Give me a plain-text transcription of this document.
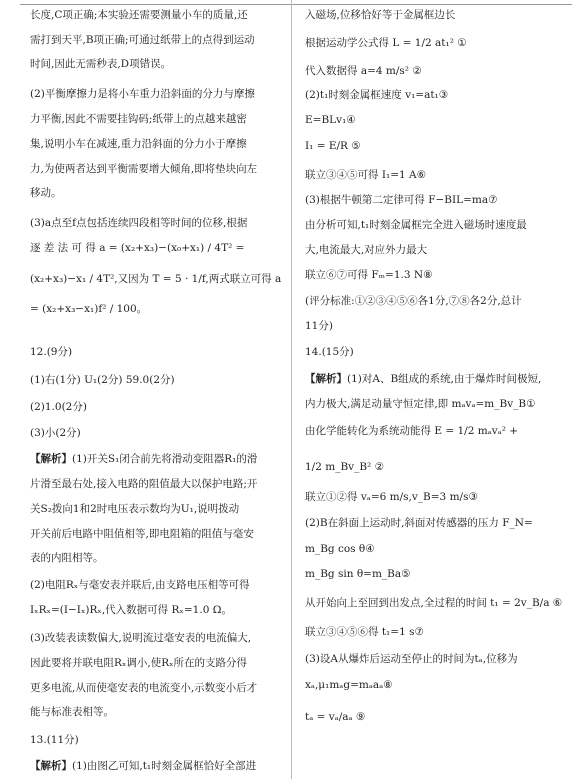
长度,C项正确;本实验还需要测量小车的质量,还
需打到天平,B项正确;可通过纸带上的点得到运动
时间,因此无需秒表,D项错误。
(2)平衡摩擦力是将小车重力沿斜面的分力与摩擦
力平衡,因此不需要挂钩码;纸带上的点越来越密
集,说明小车在减速,重力沿斜面的分力小于摩擦
力,为使两者达到平衡需要增大倾角,即将垫块向左
移动。
(3)a点至f点包括连续四段相等时间的位移,根据
逐 差 法 可 得 a = (x₂+x₃)−(x₀+x₁) / 4T² =
(x₂+x₃)−x₁ / 4T²,又因为 T = 5 · 1/f,两式联立可得 a
= (x₂+x₃−x₁)f² / 100。
12.(9分)
(1)右(1分) U₁(2分) 59.0(2分)
(2)1.0(2分)
(3)小(2分)
【解析】(1)开关S₁闭合前先将滑动变阻器R₁的滑
片滑至最右处,接入电路的阻值最大以保护电路;开
关S₂拨向1和2时电压表示数均为U₁,说明拨动
开关前后电路中阻值相等,即电阻箱的阻值与毫安
表的内阻相等。
(2)电阻Rₓ与毫安表并联后,由支路电压相等可得
IₓRₓ=(I−Iₓ)Rₓ,代入数据可得 Rₓ=1.0 Ω。
(3)改装表读数偏大,说明流过毫安表的电流偏大,
因此要将并联电阻Rₓ调小,使Rₓ所在的支路分得
更多电流,从而使毫安表的电流变小,示数变小后才
能与标准表相等。
13.(11分)
【解析】(1)由图乙可知,t₁时刻金属框恰好全部进
入磁场,位移恰好等于金属框边长
根据运动学公式得 L = 1/2 at₁² ①
代入数据得 a=4 m/s² ②
(2)t₁时刻金属框速度 v₁=at₁③
E=BLv₁④
I₁ = E/R ⑤
联立③④⑤可得 I₁=1 A⑥
(3)根据牛顿第二定律可得 F−BIL=ma⑦
由分析可知,t₁时刻金属框完全进入磁场时速度最
大,电流最大,对应外力最大
联立⑥⑦可得 Fₘ=1.3 N⑧
(评分标准:①②③④⑤⑥各1分,⑦⑧各2分,总计
11分)
14.(15分)
【解析】(1)对A、B组成的系统,由于爆炸时间极短,
内力极大,满足动量守恒定律,即 mₐvₐ=m_Bv_B①
由化学能转化为系统动能得 E = 1/2 mₐvₐ² +
1/2 m_Bv_B² ②
联立①②得 vₐ=6 m/s,v_B=3 m/s③
(2)B在斜面上运动时,斜面对传感器的压力 F_N=
m_Bg cos θ④
m_Bg sin θ=m_Ba⑤
从开始向上至回到出发点,全过程的时间 t₁ = 2v_B/a ⑥
联立③④⑤⑥得 t₁=1 s⑦
(3)设A从爆炸后运动至停止的时间为tₐ,位移为
xₐ,μ₁mₐg=mₐaₐ⑧
tₐ = vₐ/aₐ ⑨
